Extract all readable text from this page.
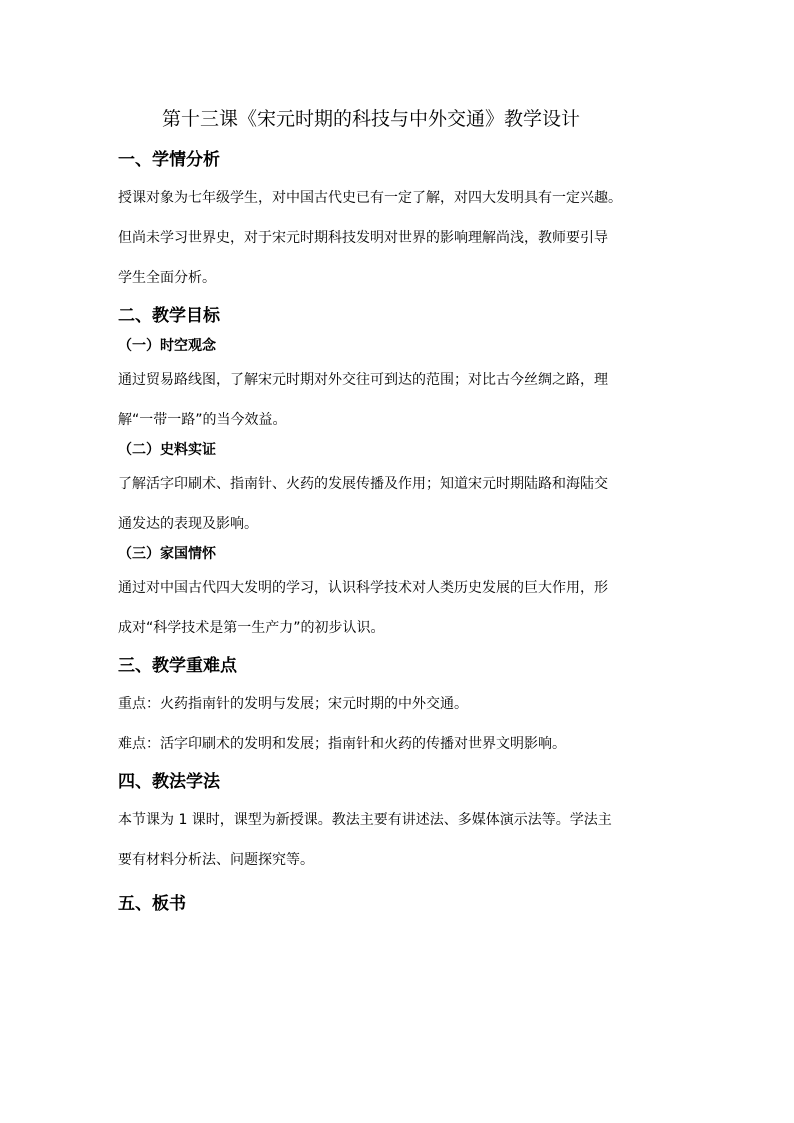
第十三课《宋元时期的科技与中外交通》教学设计
一、学情分析
授课对象为七年级学生，对中国古代史已有一定了解，对四大发明具有一定兴趣。
但尚未学习世界史，对于宋元时期科技发明对世界的影响理解尚浅，教师要引导
学生全面分析。
二、教学目标
（一）时空观念
通过贸易路线图，了解宋元时期对外交往可到达的范围；对比古今丝绸之路，理
解“一带一路”的当今效益。
（二）史料实证
了解活字印刷术、指南针、火药的发展传播及作用；知道宋元时期陆路和海陆交
通发达的表现及影响。
（三）家国情怀
通过对中国古代四大发明的学习，认识科学技术对人类历史发展的巨大作用，形
成对“科学技术是第一生产力”的初步认识。
三、教学重难点
重点：火药指南针的发明与发展；宋元时期的中外交通。
难点：活字印刷术的发明和发展；指南针和火药的传播对世界文明影响。
四、教法学法
本节课为 1 课时，课型为新授课。教法主要有讲述法、多媒体演示法等。学法主
要有材料分析法、问题探究等。
五、板书
